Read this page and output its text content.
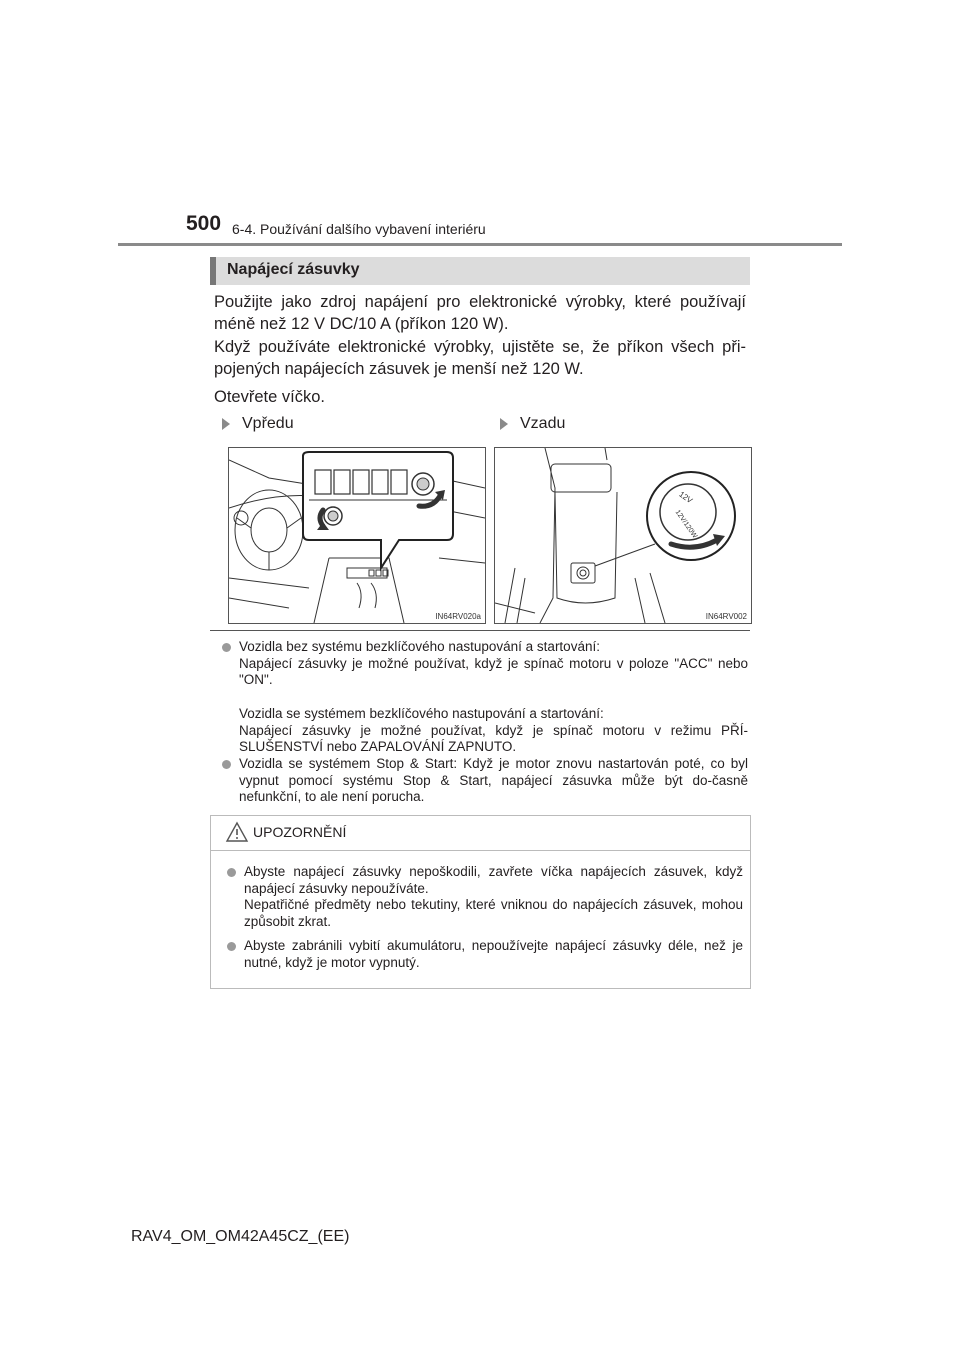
500 6-4. Používání dalšího vybavení interiéru
Napájecí zásuvky
Použijte jako zdroj napájení pro elektronické výrobky, které používají méně než 12 V DC/10 A (příkon 120 W).
Když používáte elektronické výrobky, ujistěte se, že příkon všech při-pojených napájecích zásuvek je menší než 120 W.
Otevřete víčko.
Vpředu	Vzadu
IN64RV020a
12V
12V/120W
IN64RV002

Vozidla bez systému bezklíčového nastupování a startování:

Napájecí zásuvky je možné používat, když je spínač motoru v poloze "ACC" nebo "ON".

Vozidla se systémem bezklíčového nastupování a startování:

Napájecí zásuvky je možné používat, když je spínač motoru v režimu PŘÍ-SLUŠENSTVÍ nebo ZAPALOVÁNÍ ZAPNUTO.

Vozidla se systémem Stop & Start: Když je motor znovu nastartován poté, co byl vypnut pomocí systému Stop & Start, napájecí zásuvka může být do-časně nefunkční, to ale není porucha.
UPOZORNĚNÍ
Abyste napájecí zásuvky nepoškodili, zavřete víčka napájecích zásuvek, když napájecí zásuvky nepoužíváte.
Nepatřičné předměty nebo tekutiny, které vniknou do napájecích zásuvek, mohou způsobit zkrat.
Abyste zabránili vybití akumulátoru, nepoužívejte napájecí zásuvky déle, než je nutné, když je motor vypnutý.
RAV4_OM_OM42A45CZ_(EE)
